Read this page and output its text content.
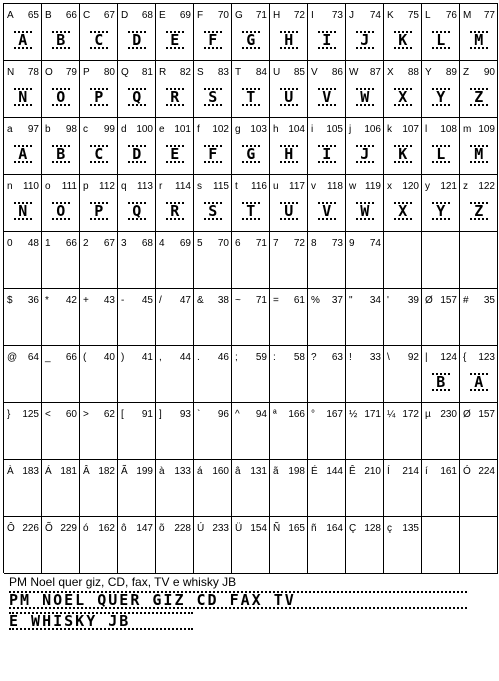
A 65
A
B 66
B
C 67
C
D 68
D
E 69
E
F 70
F
G 71
G
H 72
H
I 73
I
J 74
J
K 75
K
L 76
L
M 77
M
N 78
N
O 79
O
P 80
P
Q 81
Q
R 82
R
S 83
S
T 84
T
U 85
U
V 86
V
W 87
W
X 88
X
Y 89
Y
Z 90
Z
a 97
A
b 98
B
c 99
C
d 100
D
e 101
E
f 102
F
g 103
G
h 104
H
i 105
I
j 106
J
k 107
K
l 108
L
m 109
M
n 110
N
o 111
O
p 112
P
q 113
Q
r 114
R
s 115
S
t 116
T
u 117
U
v 118
V
w 119
W
x 120
X
y 121
Y
z 122
Z
0 48 1 66 2 67 3 68 4 69 5 70 6 71 7 72 8 73 9 74
$ 36 * 42 + 43 - 45 / 47 & 38 ~ 71 = 61 % 37 " 34 ' 39 Ø 157 # 35
@ 64 _ 66 ( 40 ) 41 , 44 . 46 ; 59 : 58 ? 63 ! 33 \ 92 | 124
B
{ 123
A
} 125 < 60 > 62 [ 91 ] 93 ` 96 ^ 94 ª 166 ° 167 ½ 171 ¼ 172 µ 230 Ø 157
À 183 Á 181 Â 182 Ã 199 à 133 á 160 â 131 ã 198 É 144 Ê 210 Í 214 í 161 Ó 224
Ô 226 Õ 229 ó 162 ô 147 õ 228 Ú 233 Ü 154 Ñ 165 ñ 164 Ç 128 ç 135
PM Noel quer giz, CD, fax, TV e whisky JB
PM NOEL QUER GIZ CD FAX TV
E WHISKY JB
